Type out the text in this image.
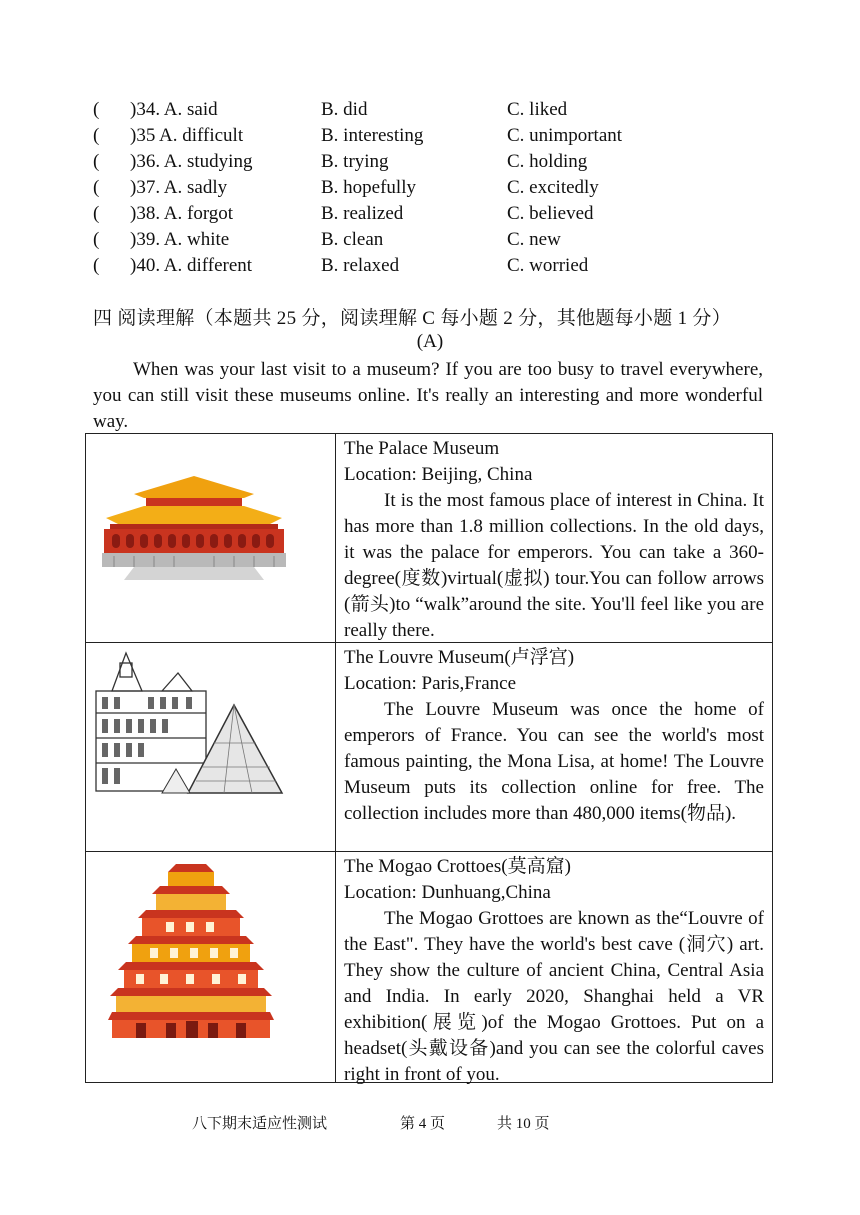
( )34. A. said	B. did	C. liked
( )35 A. difficult	B. interesting	C. unimportant
( )36. A. studying	B. trying	C. holding
( )37. A. sadly	B. hopefully	C. excitedly
( )38. A. forgot	B. realized	C. believed
( )39. A. white	B. clean	C. new
( )40. A. different	B. relaxed	C. worried
四 阅读理解（本题共 25 分，阅读理解 C 每小题 2 分，其他题每小题 1 分）
(A)
When was your last visit to a museum? If you are too busy to travel everywhere, you can still visit these museums online. It's really an interesting and more wonderful way.
The Palace Museum
Location: Beijing, China
It is the most famous place of interest in China. It has more than 1.8 million collections. In the old days, it was the palace for emperors. You can take a 360-degree(度数)virtual(虚拟) tour.You can follow arrows (箭头)to “walk”around the site. You'll feel like you are really there.
The Louvre Museum(卢浮宫)
Location: Paris,France
The Louvre Museum was once the home of emperors of France. You can see the world's most famous painting, the Mona Lisa, at home! The Louvre Museum puts its collection online for free. The collection includes more than 480,000 items(物品).
The Mogao Crottoes(莫高窟)
Location: Dunhuang,China
The Mogao Grottoes are known as the“Louvre of the East". They have the world's best cave (洞穴) art. They show the culture of ancient China, Central Asia and India. In early 2020, Shanghai held a VR exhibition(展览)of the Mogao Grottoes. Put on a headset(头戴设备)and you can see the colorful caves right in front of you.
八下期末适应性测试	第 4 页	共 10 页
